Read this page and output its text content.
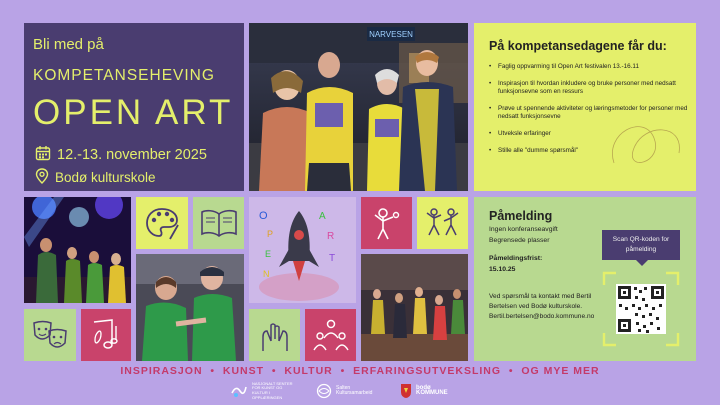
Bli med på
KOMPETANSEHEVING
OPEN ART
12.-13. november 2025
Bodø kulturskole
NARVESEN
På kompetansedagene får du:
• Faglig oppvarming til Open Art festivalen 13.-16.11
• Inspirasjon til hvordan inkludere og bruke personer med nedsatt funksjonsevne som en ressurs
• Prøve ut spennende aktiviteter og læringsmetoder for personer med nedsatt funksjonsevne
• Utveksle erfaringer
• Stille alle "dumme spørsmål"
O
P
E
N
A
R
T
Påmelding
Ingen konferanseavgift
Begrensede plasser
Påmeldingsfrist:
15.10.25
Ved spørsmål ta kontakt med Bertil Bertelsen ved Bodø kulturskole. Bertil.bertelsen@bodo.kommune.no
Scan QR-koden for påmelding
INSPIRASJON  •  KUNST  •  KULTUR  •  ERFARINGSUTVEKSLING  •  OG MYE MER
NASJONALT SENTER FOR KUNST OG KULTUR I OPPLÆRINGEN
Salten Kultursamarbeid
bodø KOMMUNE
